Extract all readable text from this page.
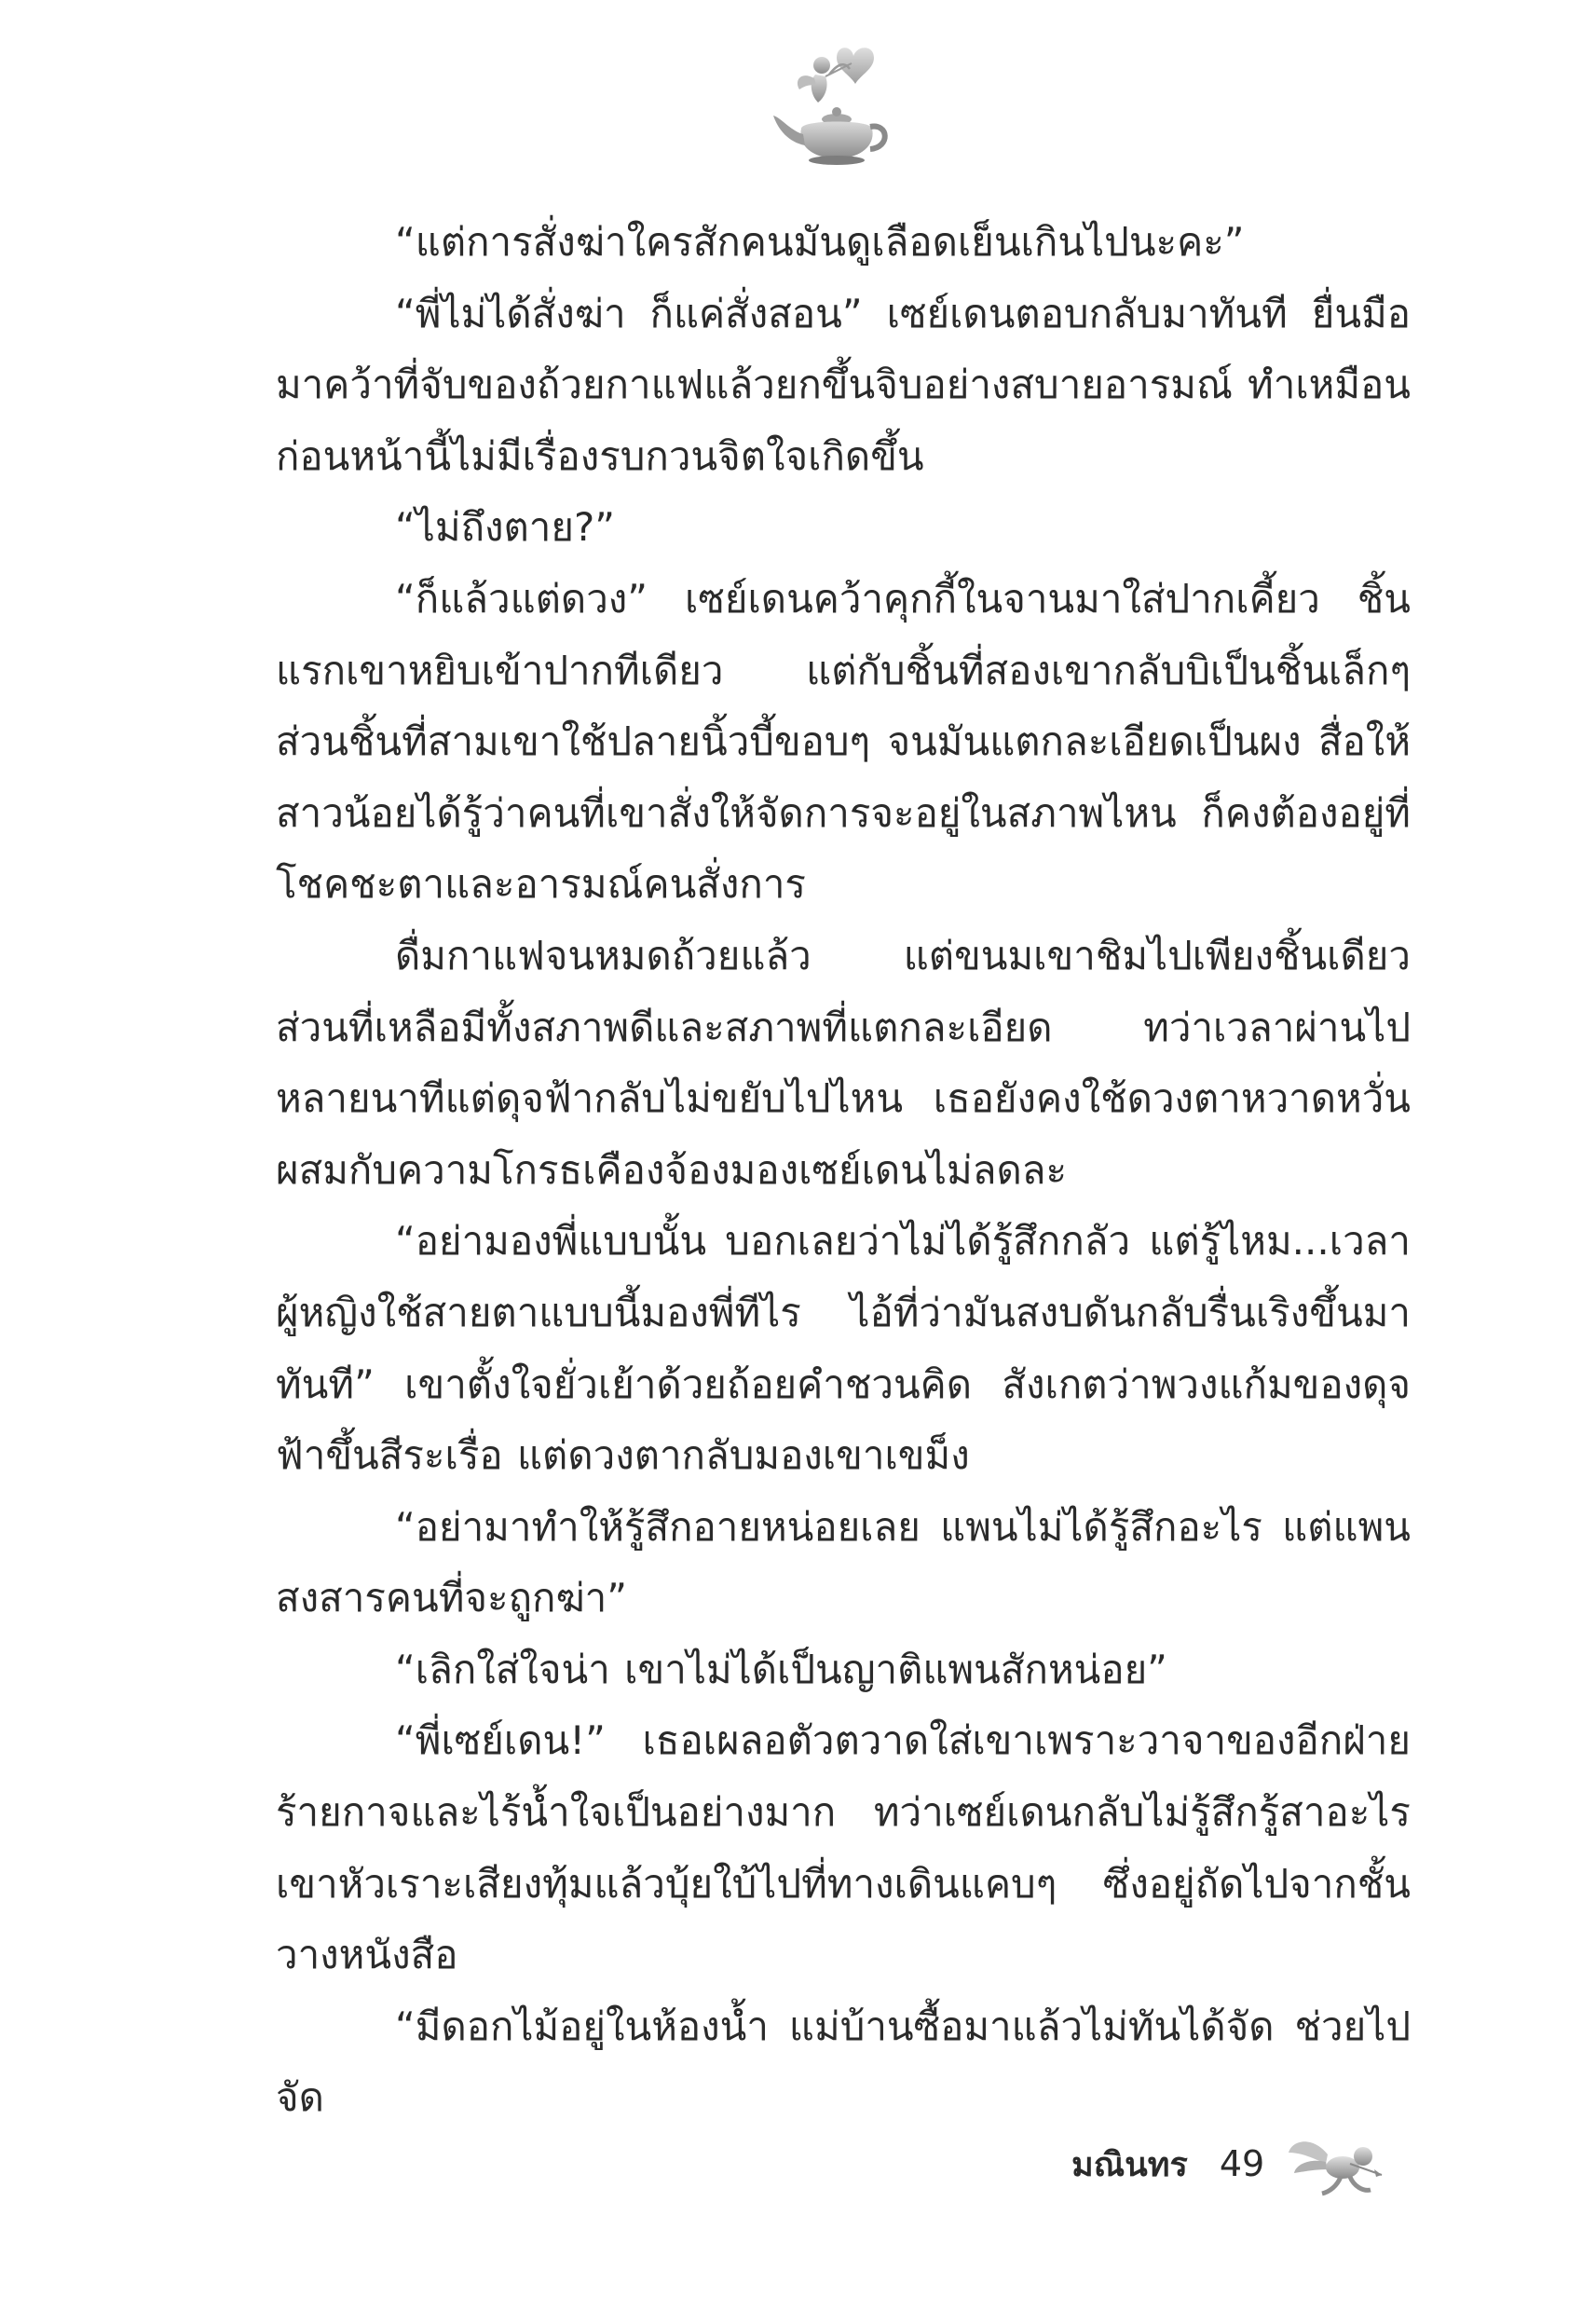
“แต่การสั่งฆ่าใครสักคนมันดูเลือดเย็นเกินไปนะคะ”

“พี่ไม่ได้สั่งฆ่า ก็แค่สั่งสอน” เซย์เดนตอบกลับมาทันที ยื่นมือมาคว้าที่จับของถ้วยกาแฟแล้วยกขึ้นจิบอย่างสบายอารมณ์ ทำเหมือนก่อนหน้านี้ไม่มีเรื่องรบกวนจิตใจเกิดขึ้น

“ไม่ถึงตาย?”

“ก็แล้วแต่ดวง” เซย์เดนคว้าคุกกี้ในจานมาใส่ปากเคี้ยว ชิ้นแรกเขาหยิบเข้าปากทีเดียว แต่กับชิ้นที่สองเขากลับบิเป็นชิ้นเล็กๆ ส่วนชิ้นที่สามเขาใช้ปลายนิ้วบี้ขอบๆ จนมันแตกละเอียดเป็นผง สื่อให้สาวน้อยได้รู้ว่าคนที่เขาสั่งให้จัดการจะอยู่ในสภาพไหน ก็คงต้องอยู่ที่โชคชะตาและอารมณ์คนสั่งการ

ดื่มกาแฟจนหมดถ้วยแล้ว แต่ขนมเขาชิมไปเพียงชิ้นเดียว ส่วนที่เหลือมีทั้งสภาพดีและสภาพที่แตกละเอียด ทว่าเวลาผ่านไปหลายนาทีแต่ดุจฟ้ากลับไม่ขยับไปไหน เธอยังคงใช้ดวงตาหวาดหวั่นผสมกับความโกรธเคืองจ้องมองเซย์เดนไม่ลดละ

“อย่ามองพี่แบบนั้น บอกเลยว่าไม่ได้รู้สึกกลัว แต่รู้ไหม...เวลาผู้หญิงใช้สายตาแบบนี้มองพี่ทีไร ไอ้ที่ว่ามันสงบดันกลับรื่นเริงขึ้นมาทันที” เขาตั้งใจยั่วเย้าด้วยถ้อยคำชวนคิด สังเกตว่าพวงแก้มของดุจฟ้าขึ้นสีระเรื่อ แต่ดวงตากลับมองเขาเขม็ง

“อย่ามาทำให้รู้สึกอายหน่อยเลย แพนไม่ได้รู้สึกอะไร แต่แพนสงสารคนที่จะถูกฆ่า”

“เลิกใส่ใจน่า เขาไม่ได้เป็นญาติแพนสักหน่อย”

“พี่เซย์เดน!” เธอเผลอตัวตวาดใส่เขาเพราะวาจาของอีกฝ่ายร้ายกาจและไร้น้ำใจเป็นอย่างมาก ทว่าเซย์เดนกลับไม่รู้สึกรู้สาอะไร เขาหัวเราะเสียงทุ้มแล้วบุ้ยใบ้ไปที่ทางเดินแคบๆ ซึ่งอยู่ถัดไปจากชั้นวางหนังสือ

“มีดอกไม้อยู่ในห้องน้ำ แม่บ้านซื้อมาแล้วไม่ทันได้จัด ช่วยไปจัด

มณินทร 49
